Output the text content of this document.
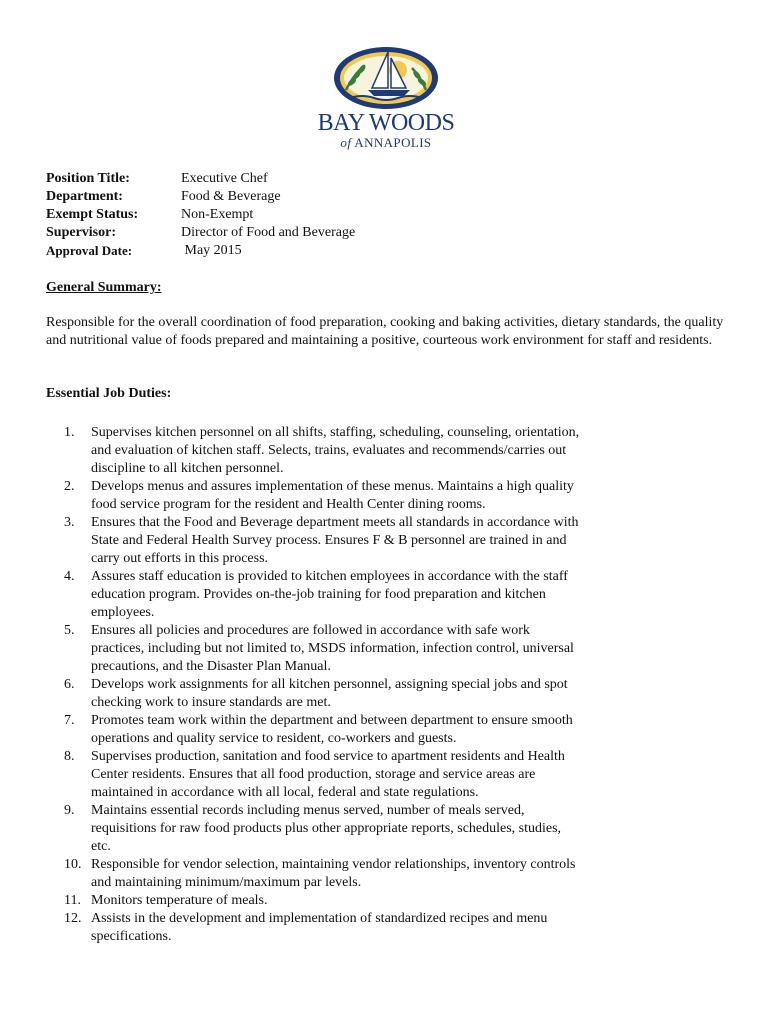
BAY WOODS
of ANNAPOLIS
Position Title:	Executive Chef
Department:	Food & Beverage
Exempt Status:	Non-Exempt
Supervisor:	Director of Food and Beverage
Approval Date:	May 2015
General Summary:
Responsible for the overall coordination of food preparation, cooking and baking activities, dietary standards, the quality and nutritional value of foods prepared and maintaining a positive, courteous work environment for staff and residents.
Essential Job Duties:
1.	Supervises kitchen personnel on all shifts, staffing, scheduling, counseling, orientation, and evaluation of kitchen staff. Selects, trains, evaluates and recommends/carries out discipline to all kitchen personnel.
2.	Develops menus and assures implementation of these menus. Maintains a high quality food service program for the resident and Health Center dining rooms.
3.	Ensures that the Food and Beverage department meets all standards in accordance with State and Federal Health Survey process. Ensures F & B personnel are trained in and carry out efforts in this process.
4.	Assures staff education is provided to kitchen employees in accordance with the staff education program. Provides on-the-job training for food preparation and kitchen employees.
5.	Ensures all policies and procedures are followed in accordance with safe work practices, including but not limited to, MSDS information, infection control, universal precautions, and the Disaster Plan Manual.
6.	Develops work assignments for all kitchen personnel, assigning special jobs and spot checking work to insure standards are met.
7.	Promotes team work within the department and between department to ensure smooth operations and quality service to resident, co-workers and guests.
8.	Supervises production, sanitation and food service to apartment residents and Health Center residents. Ensures that all food production, storage and service areas are maintained in accordance with all local, federal and state regulations.
9.	Maintains essential records including menus served, number of meals served, requisitions for raw food products plus other appropriate reports, schedules, studies, etc.
10. Responsible for vendor selection, maintaining vendor relationships, inventory controls and maintaining minimum/maximum par levels.
11. Monitors temperature of meals.
12. Assists in the development and implementation of standardized recipes and menu specifications.
